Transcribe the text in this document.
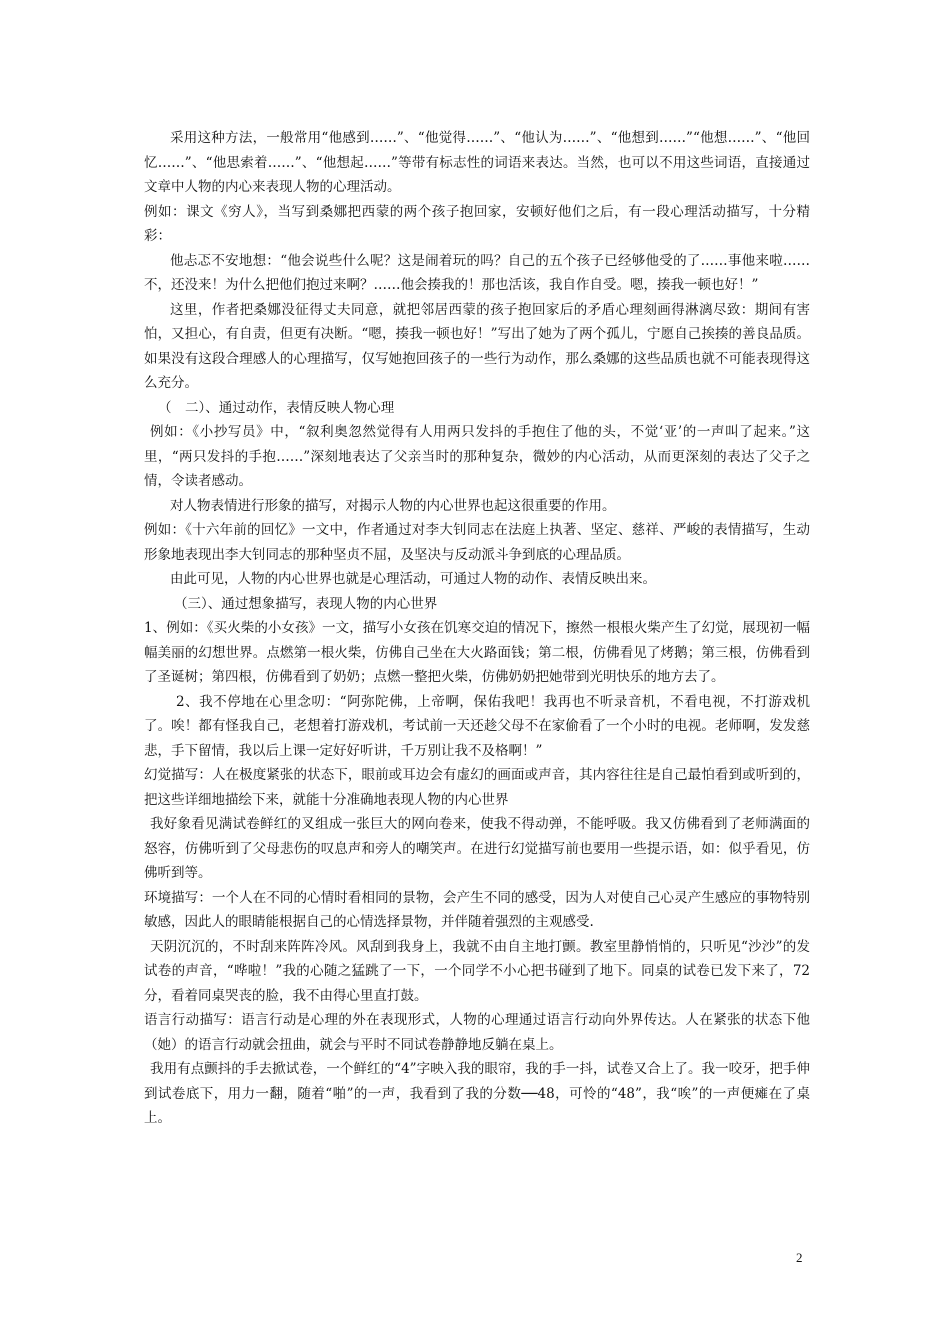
采用这种方法，一般常用“他感到……”、“他觉得……”、“他认为……”、“他想到……”“他想……”、“他回忆……”、“他思索着……”、“他想起……”等带有标志性的词语来表达。当然，也可以不用这些词语，直接通过文章中人物的内心来表现人物的心理活动。

例如：课文《穷人》，当写到桑娜把西蒙的两个孩子抱回家，安顿好他们之后，有一段心理活动描写，十分精彩：

他忐忑不安地想：“他会说些什么呢？这是闹着玩的吗？自己的五个孩子已经够他受的了……事他来啦……不，还没来！为什么把他们抱过来啊？……他会揍我的！那也活该，我自作自受。嗯，揍我一顿也好！”

这里，作者把桑娜没征得丈夫同意，就把邻居西蒙的孩子抱回家后的矛盾心理刻画得淋漓尽致：期间有害怕，又担心，有自责，但更有决断。“嗯，揍我一顿也好！”写出了她为了两个孤儿，宁愿自己挨揍的善良品质。如果没有这段合理感人的心理描写，仅写她抱回孩子的一些行为动作，那么桑娜的这些品质也就不可能表现得这么充分。

（　二）、通过动作，表情反映人物心理

例如：《小抄写员》中，“叙利奥忽然觉得有人用两只发抖的手抱住了他的头，不觉‘亚’的一声叫了起来。”这里，“两只发抖的手抱……”深刻地表达了父亲当时的那种复杂，微妙的内心活动，从而更深刻的表达了父子之情，令读者感动。

对人物表情进行形象的描写，对揭示人物的内心世界也起这很重要的作用。

例如：《十六年前的回忆》一文中，作者通过对李大钊同志在法庭上执著、坚定、慈祥、严峻的表情描写，生动形象地表现出李大钊同志的那种坚贞不屈，及坚决与反动派斗争到底的心理品质。

由此可见，人物的内心世界也就是心理活动，可通过人物的动作、表情反映出来。

（三）、通过想象描写，表现人物的内心世界

1、例如：《买火柴的小女孩》一文，描写小女孩在饥寒交迫的情况下，擦然一根根火柴产生了幻觉，展现初一幅幅美丽的幻想世界。点燃第一根火柴，仿佛自己坐在大火路面钱；第二根，仿佛看见了烤鹅；第三根，仿佛看到了圣诞树；第四根，仿佛看到了奶奶；点燃一整把火柴，仿佛奶奶把她带到光明快乐的地方去了。

2、我不停地在心里念叨：“阿弥陀佛，上帝啊，保佑我吧！我再也不听录音机，不看电视，不打游戏机了。唉！都有怪我自己，老想着打游戏机，考试前一天还趁父母不在家偷看了一个小时的电视。老师啊，发发慈悲，手下留情，我以后上课一定好好听讲，千万别让我不及格啊！”

幻觉描写：人在极度紧张的状态下，眼前或耳边会有虚幻的画面或声音，其内容往往是自己最怕看到或听到的，把这些详细地描绘下来，就能十分准确地表现人物的内心世界

我好象看见满试卷鲜红的叉组成一张巨大的网向卷来，使我不得动弹，不能呼吸。我又仿佛看到了老师满面的怒容，仿佛听到了父母悲伤的叹息声和旁人的嘲笑声。在进行幻觉描写前也要用一些提示语，如：似乎看见，仿佛听到等。

环境描写：一个人在不同的心情时看相同的景物，会产生不同的感受，因为人对使自己心灵产生感应的事物特别敏感，因此人的眼睛能根据自己的心情选择景物，并伴随着强烈的主观感受.

天阴沉沉的，不时刮来阵阵冷风。风刮到我身上，我就不由自主地打颤。教室里静悄悄的，只听见“沙沙”的发试卷的声音，“哗啦！”我的心随之猛跳了一下，一个同学不小心把书碰到了地下。同桌的试卷已发下来了，72分，看着同桌哭丧的脸，我不由得心里直打鼓。

语言行动描写：语言行动是心理的外在表现形式，人物的心理通过语言行动向外界传达。人在紧张的状态下他（她）的语言行动就会扭曲，就会与平时不同试卷静静地反躺在桌上。

我用有点颤抖的手去掀试卷，一个鲜红的“4”字映入我的眼帘，我的手一抖，试卷又合上了。我一咬牙，把手伸到试卷底下，用力一翻，随着“啪”的一声，我看到了我的分数──48，可怜的“48”，我“唉”的一声便瘫在了桌上。

2
